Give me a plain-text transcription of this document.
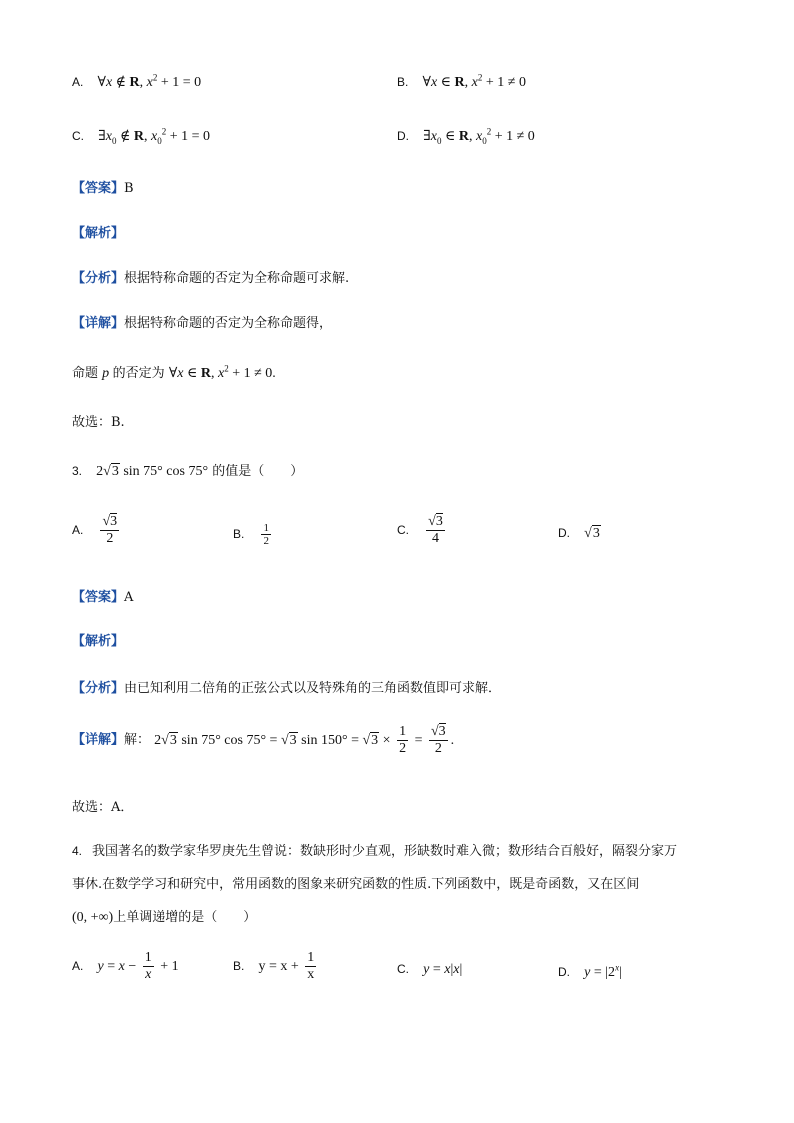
A. ∀x ∉ R, $x^2 + 1 = 0$	B. ∀x ∈ R, $x^2 + 1 \ne 0$
C. $\exists x_0$ ∉ R, $x_0^2 + 1 = 0$	D. $\exists x_0$ ∈ R, $x_0^2 + 1 \ne 0$
【答案】B
【解析】
【分析】根据特称命题的否定为全称命题可求解.
【详解】根据特称命题的否定为全称命题得，
命题 p 的否定为 ∀x ∈ R, $x^2 + 1 \ne 0$.
故选：B.
3. 2√3 sin 75° cos 75° 的值是（　　）
A. $\frac{√3}{2}$	B. $\frac{1}{2}$	C. $\frac{√3}{4}$	D. √3
【答案】A
【解析】
【分析】由已知利用二倍角的正弦公式以及特殊角的三角函数值即可求解．
【详解】解： 2√3 sin 75° cos 75° = √3 $\sin 150^\circ = √3 \times \frac{1}{2} = \frac{√3}{2}$ .
故选：A．
4. 我国著名的数学家华罗庚先生曾说：数缺形时少直观，形缺数时难入微；数形结合百般好，隔裂分家万
事休.在数学学习和研究中，常用函数的图象来研究函数的性质.下列函数中，既是奇函数，又在区间
(0, +∞)上单调递增的是（　　）
A. $y = x - \frac{1}{x} + 1$	B. $y = x + \frac{1}{x}$	C. y = x|x|	D. $y = |2^x|$
